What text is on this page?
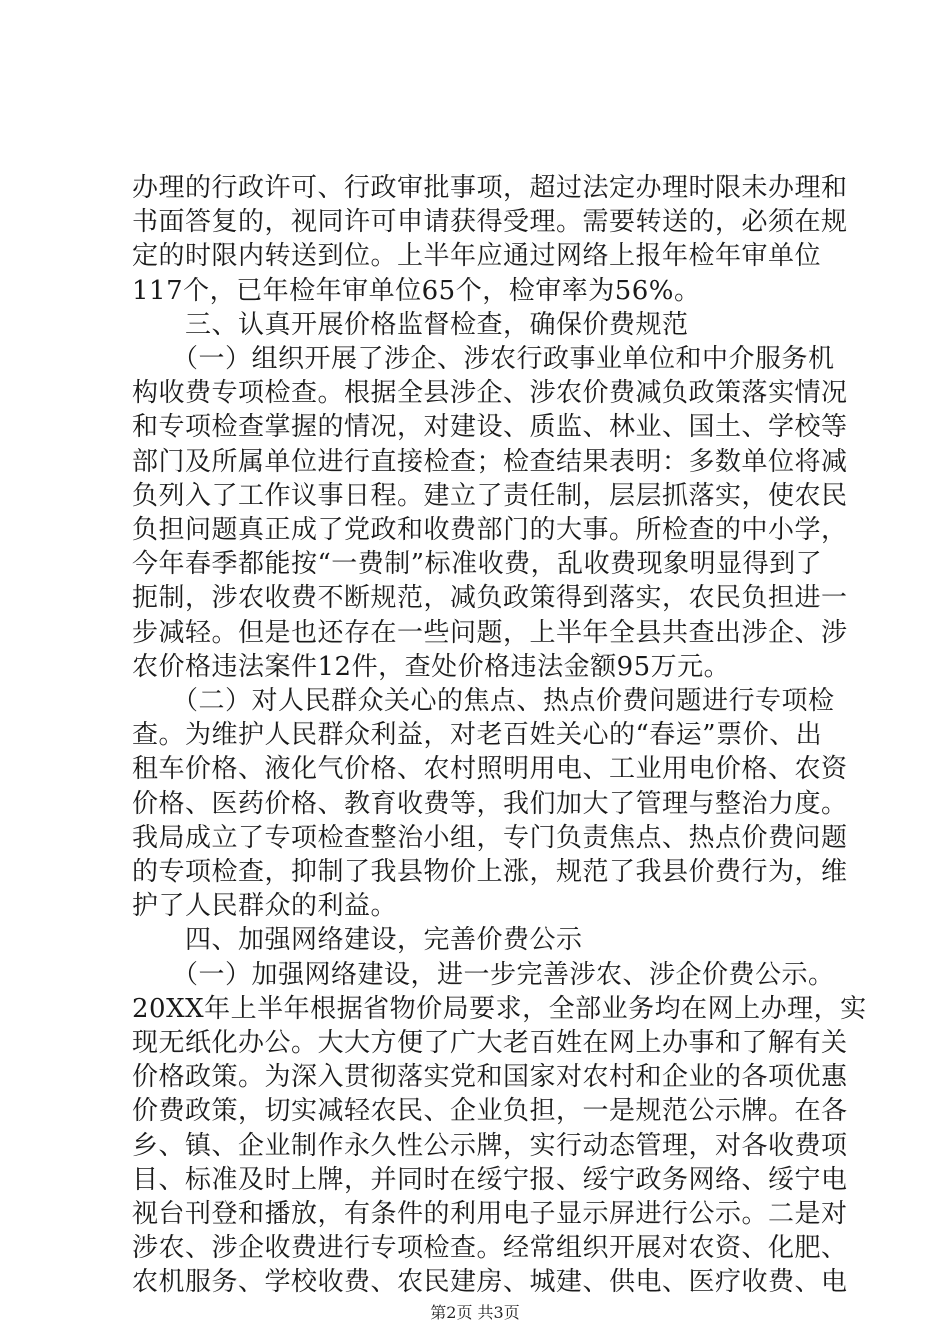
办理的行政许可、行政审批事项，超过法定办理时限未办理和
书面答复的，视同许可申请获得受理。需要转送的，必须在规
定的时限内转送到位。上半年应通过网络上报年检年审单位
117个，已年检年审单位65个，检审率为56%。
　　三、认真开展价格监督检查，确保价费规范
　　（一）组织开展了涉企、涉农行政事业单位和中介服务机
构收费专项检查。根据全县涉企、涉农价费减负政策落实情况
和专项检查掌握的情况，对建设、质监、林业、国土、学校等
部门及所属单位进行直接检查；检查结果表明：多数单位将减
负列入了工作议事日程。建立了责任制，层层抓落实，使农民
负担问题真正成了党政和收费部门的大事。所检查的中小学，
今年春季都能按“一费制”标准收费，乱收费现象明显得到了
扼制，涉农收费不断规范，减负政策得到落实，农民负担进一
步减轻。但是也还存在一些问题，上半年全县共查出涉企、涉
农价格违法案件12件，查处价格违法金额95万元。
　　（二）对人民群众关心的焦点、热点价费问题进行专项检
查。为维护人民群众利益，对老百姓关心的“春运”票价、出
租车价格、液化气价格、农村照明用电、工业用电价格、农资
价格、医药价格、教育收费等，我们加大了管理与整治力度。
我局成立了专项检查整治小组，专门负责焦点、热点价费问题
的专项检查，抑制了我县物价上涨，规范了我县价费行为，维
护了人民群众的利益。
　　四、加强网络建设，完善价费公示
　　（一）加强网络建设，进一步完善涉农、涉企价费公示。
20XX年上半年根据省物价局要求，全部业务均在网上办理，实
现无纸化办公。大大方便了广大老百姓在网上办事和了解有关
价格政策。为深入贯彻落实党和国家对农村和企业的各项优惠
价费政策，切实减轻农民、企业负担，一是规范公示牌。在各
乡、镇、企业制作永久性公示牌，实行动态管理，对各收费项
目、标准及时上牌，并同时在绥宁报、绥宁政务网络、绥宁电
视台刊登和播放，有条件的利用电子显示屏进行公示。二是对
涉农、涉企收费进行专项检查。经常组织开展对农资、化肥、
农机服务、学校收费、农民建房、城建、供电、医疗收费、电
第2页 共3页
